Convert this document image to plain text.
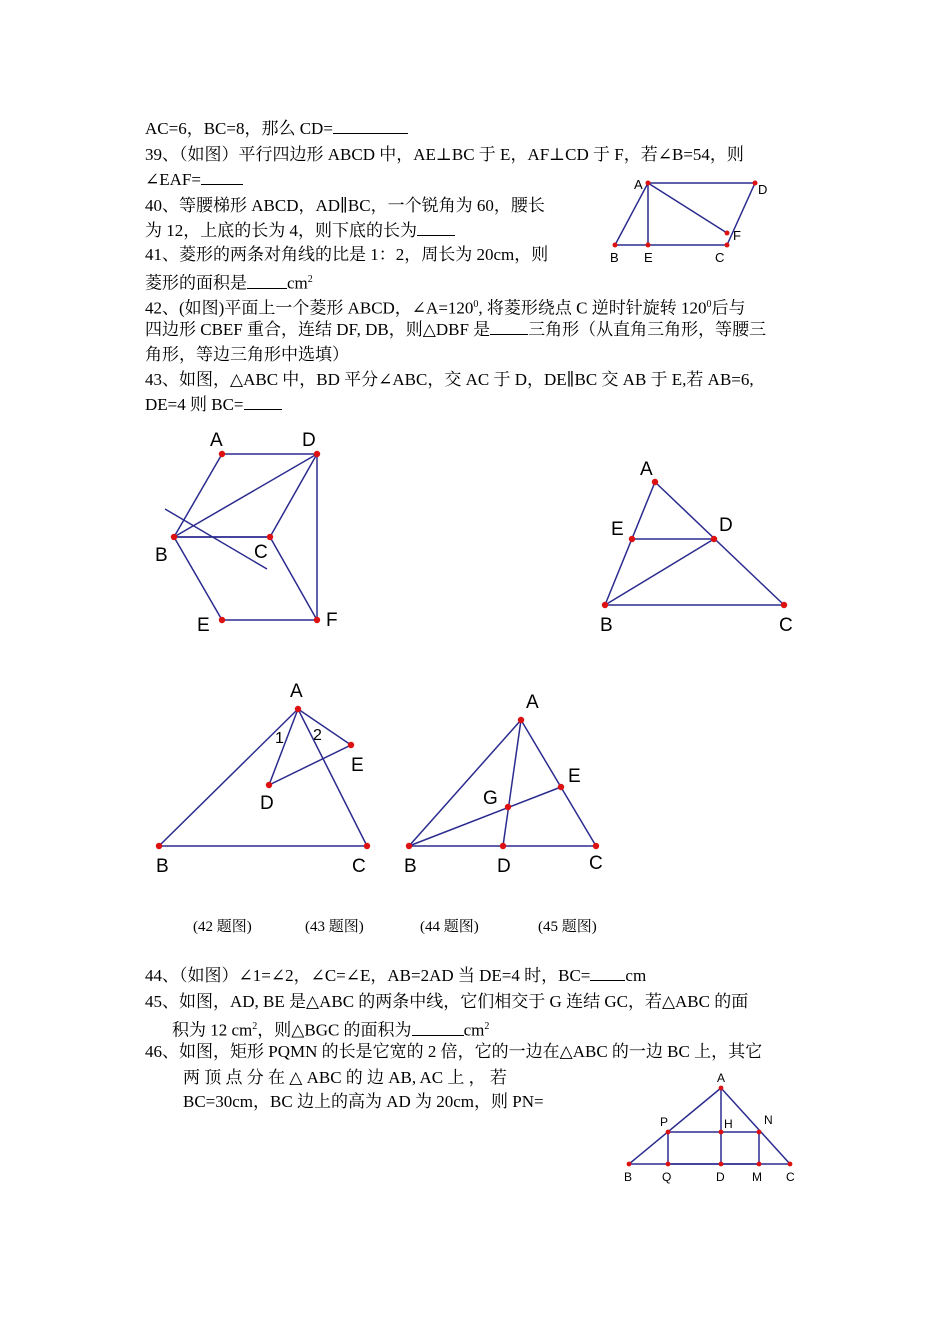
AC=6，BC=8，那么 CD=
39、（如图）平行四边形 ABCD 中，AE⊥BC 于 E，AF⊥CD 于 F，若∠B=54，则
∠EAF=
40、等腰梯形 ABCD，AD∥BC，一个锐角为 60，腰长
为 12，上底的长为 4，则下底的长为
41、菱形的两条对角线的比是 1：2，周长为 20cm，则
菱形的面积是 $cm^2$
42、(如图)平面上一个菱形 ABCD，$\angle A=120^0$, 将菱形绕点 C 逆时针旋转 $120^0$后与
四边形 CBEF 重合，连结 DF, DB，则△DBF 是 三角形（从直角三角形，等腰三
角形，等边三角形中选填）
43、如图，△ABC 中，BD 平分∠ABC，交 AC 于 D，DE∥BC 交 AB 于 E,若 AB=6,
DE=4 则 BC=
(42 题图)	(43 题图)	(44 题图)	(45 题图)
44、（如图）∠1=∠2，∠C=∠E，AB=2AD 当 DE=4 时，BC= cm
45、如图，AD, BE 是△ABC 的两条中线，它们相交于 G 连结 GC，若△ABC 的面
积为 12 $cm^2$，则△BGC 的面积为	$cm^2$
46、如图，矩形 PQMN 的长是它宽的 2 倍，它的一边在△ABC 的一边 BC 上，其它
两 顶 点 分 在 △ ABC 的 边 AB, AC 上 ， 若
BC=30cm，BC 边上的高为 AD 为 20cm，则 PN=
A	D
F
B E	C
A	D
B	C
E	F
A
E	D
B	C
A
1 2
E
D
B	C
A
E
G
B	D	C
A
P	H	N
B Q	D M C
